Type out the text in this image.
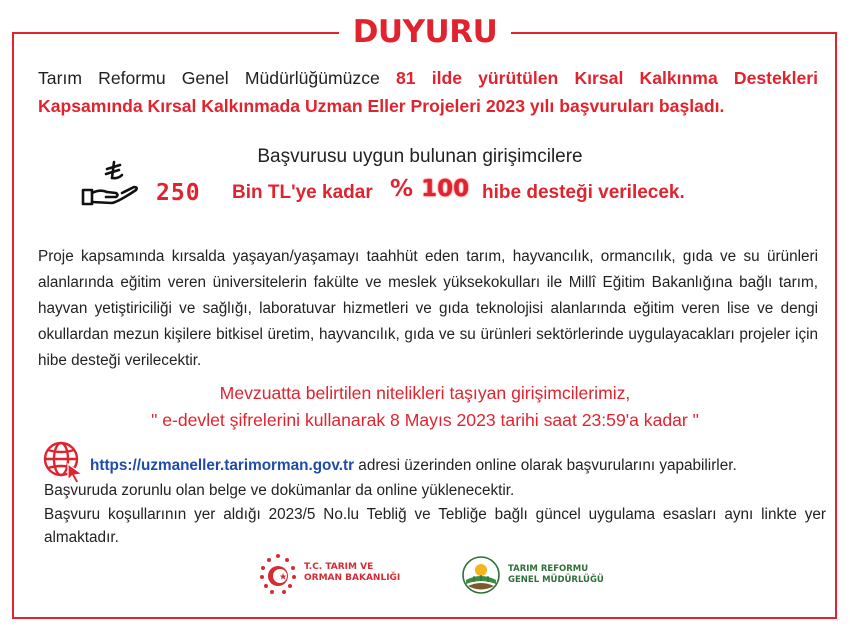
DUYURU

Tarım Reformu Genel Müdürlüğümüzce 81 ilde yürütülen Kırsal Kalkınma Destekleri Kapsamında Kırsal Kalkınmada Uzman Eller Projeleri 2023 yılı başvuruları başladı.

Başvurusu uygun bulunan girişimcilere
250 Bin TL'ye kadar % 100 hibe desteği verilecek.

Proje kapsamında kırsalda yaşayan/yaşamayı taahhüt eden tarım, hayvancılık, ormancılık, gıda ve su ürünleri alanlarında eğitim veren üniversitelerin fakülte ve meslek yüksekokulları ile Millî Eğitim Bakanlığına bağlı tarım, hayvan yetiştiriciliği ve sağlığı, laboratuvar hizmetleri ve gıda teknolojisi alanlarında eğitim veren lise ve dengi okullardan mezun kişilere bitkisel üretim, hayvancılık, gıda ve su ürünleri sektörlerinde uygulayacakları projeler için hibe desteği verilecektir.

Mevzuatta belirtilen nitelikleri taşıyan girişimcilerimiz,
" e-devlet şifrelerini kullanarak 8 Mayıs 2023 tarihi saat 23:59'a kadar "

https://uzmaneller.tarimorman.gov.tr adresi üzerinden online olarak başvurularını yapabilirler.

Başvuruda zorunlu olan belge ve dokümanlar da online yüklenecektir.

Başvuru koşullarının yer aldığı 2023/5 No.lu Tebliğ ve Tebliğe bağlı güncel uygulama esasları aynı linkte yer almaktadır.

T.C. TARIM VE
ORMAN BAKANLIĞI
TARIM REFORMU
GENEL MÜDÜRLÜĞÜ
